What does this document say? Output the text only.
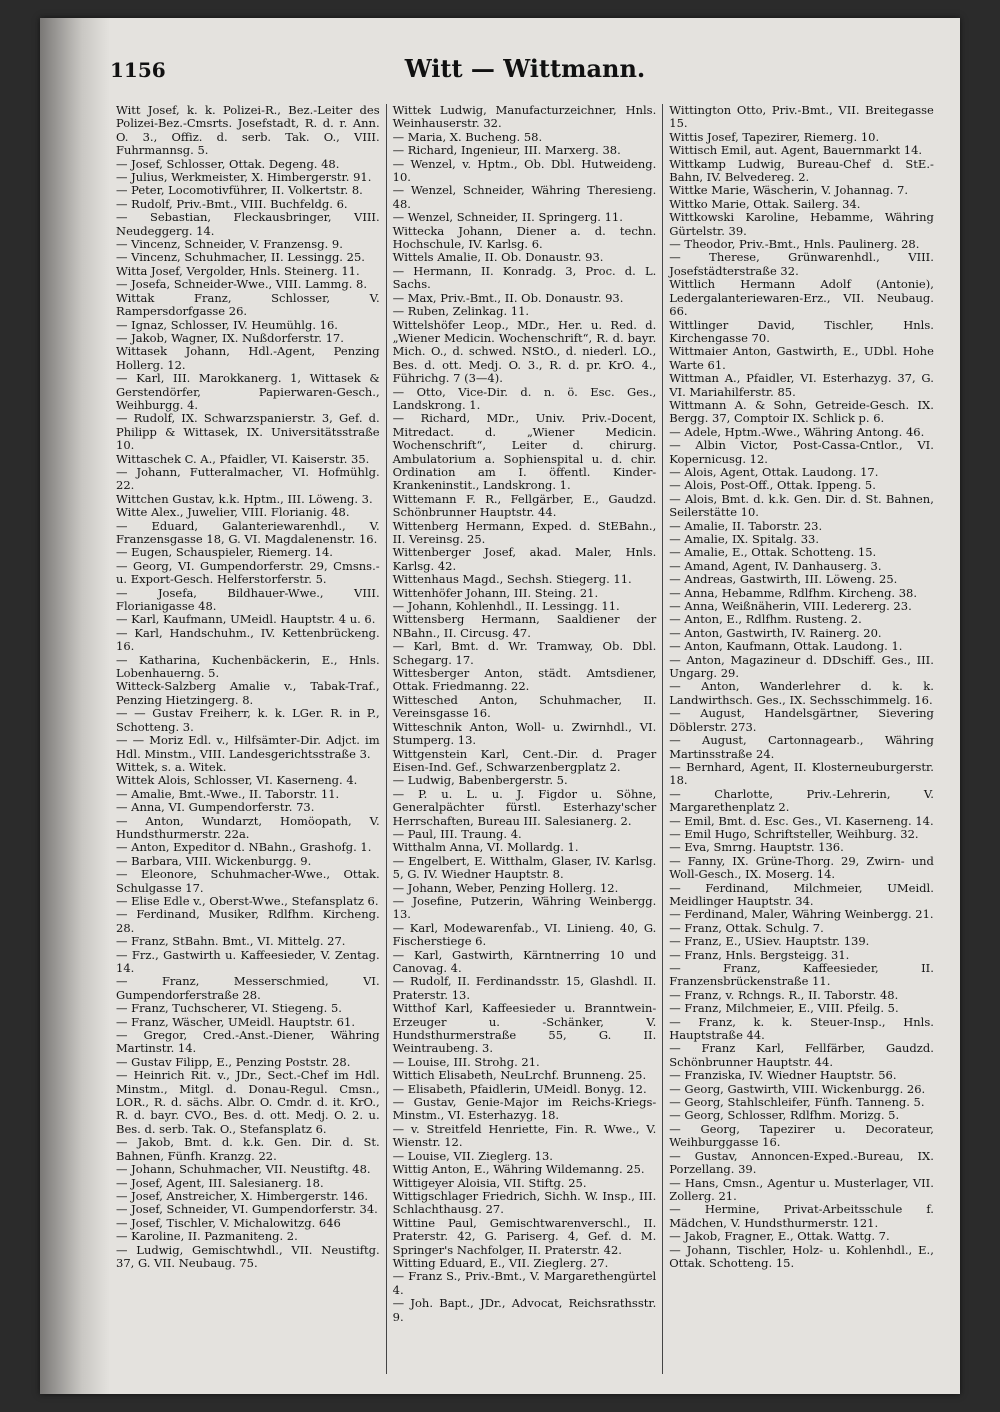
1156	Witt — Wittmann.
Witt Josef, k. k. Polizei-R., Bez.-Leiter des Polizei-Bez.-Cmsrts. Josefstadt, R. d. r. Ann. O. 3., Offiz. d. serb. Tak. O., VIII. Fuhrmannsg. 5.
— Josef, Schlosser, Ottak. Degeng. 48.
— Julius, Werkmeister, X. Himbergerstr. 91.
— Peter, Locomotivführer, II. Volkertstr. 8.
— Rudolf, Priv.-Bmt., VIII. Buchfeldg. 6.
— Sebastian, Fleckausbringer, VIII. Neudeggerg. 14.
— Vincenz, Schneider, V. Franzensg. 9.
— Vincenz, Schuhmacher, II. Lessingg. 25.
Witta Josef, Vergolder, Hnls. Steinerg. 11.
— Josefa, Schneider-Wwe., VIII. Lammg. 8.
Wittak Franz, Schlosser, V. Rampersdorfgasse 26.
— Ignaz, Schlosser, IV. Heumühlg. 16.
— Jakob, Wagner, IX. Nußdorferstr. 17.
Wittasek Johann, Hdl.-Agent, Penzing Hollerg. 12.
— Karl, III. Marokkanerg. 1, Wittasek & Gerstendörfer, Papierwaren-Gesch., Weihburgg. 4.
— Rudolf, IX. Schwarzspanierstr. 3, Gef. d. Philipp & Wittasek, IX. Universitätsstraße 10.
Wittaschek C. A., Pfaidler, VI. Kaiserstr. 35.
— Johann, Futteralmacher, VI. Hofmühlg. 22.
Wittchen Gustav, k.k. Hptm., III. Löweng. 3.
Witte Alex., Juwelier, VIII. Florianig. 48.
— Eduard, Galanteriewarenhdl., V. Franzensgasse 18, G. VI. Magdalenenstr. 16.
— Eugen, Schauspieler, Riemerg. 14.
— Georg, VI. Gumpendorferstr. 29, Cmsns.- u. Export-Gesch. Helferstorferstr. 5.
— Josefa, Bildhauer-Wwe., VIII. Florianigasse 48.
— Karl, Kaufmann, UMeidl. Hauptstr. 4 u. 6.
— Karl, Handschuhm., IV. Kettenbrückeng. 16.
— Katharina, Kuchenbäckerin, E., Hnls. Lobenhauerng. 5.
Witteck-Salzberg Amalie v., Tabak-Traf., Penzing Hietzingerg. 8.
— — Gustav Freiherr, k. k. LGer. R. in P., Schotteng. 3.
— — Moriz Edl. v., Hilfsämter-Dir. Adjct. im Hdl. Minstm., VIII. Landesgerichtsstraße 3.
Wittek, s. a. Witek.
Wittek Alois, Schlosser, VI. Kaserneng. 4.
— Amalie, Bmt.-Wwe., II. Taborstr. 11.
— Anna, VI. Gumpendorferstr. 73.
— Anton, Wundarzt, Homöopath, V. Hundsthurmerstr. 22a.
— Anton, Expeditor d. NBahn., Grashofg. 1.
— Barbara, VIII. Wickenburgg. 9.
— Eleonore, Schuhmacher-Wwe., Ottak. Schulgasse 17.
— Elise Edle v., Oberst-Wwe., Stefansplatz 6.
— Ferdinand, Musiker, Rdlfhm. Kircheng. 28.
— Franz, StBahn. Bmt., VI. Mittelg. 27.
— Frz., Gastwirth u. Kaffeesieder, V. Zentag. 14.
— Franz, Messerschmied, VI. Gumpendorferstraße 28.
— Franz, Tuchscherer, VI. Stiegeng. 5.
— Franz, Wäscher, UMeidl. Hauptstr. 61.
— Gregor, Cred.-Anst.-Diener, Währing Martinstr. 14.
— Gustav Filipp, E., Penzing Poststr. 28.
— Heinrich Rit. v., JDr., Sect.-Chef im Hdl. Minstm., Mitgl. d. Donau-Regul. Cmsn., LOR., R. d. sächs. Albr. O. Cmdr. d. it. KrO., R. d. bayr. CVO., Bes. d. ott. Medj. O. 2. u. Bes. d. serb. Tak. O., Stefansplatz 6.
— Jakob, Bmt. d. k.k. Gen. Dir. d. St. Bahnen, Fünfh. Kranzg. 22.
— Johann, Schuhmacher, VII. Neustiftg. 48.
— Josef, Agent, III. Salesianerg. 18.
— Josef, Anstreicher, X. Himbergerstr. 146.
— Josef, Schneider, VI. Gumpendorferstr. 34.
— Josef, Tischler, V. Michalowitzg. 646
— Karoline, II. Pazmaniteng. 2.
— Ludwig, Gemischtwhdl., VII. Neustiftg. 37, G. VII. Neubaug. 75.
Wittek Ludwig, Manufacturzeichner, Hnls. Weinhauserstr. 32.
— Maria, X. Bucheng. 58.
— Richard, Ingenieur, III. Marxerg. 38.
— Wenzel, v. Hptm., Ob. Dbl. Hutweideng. 10.
— Wenzel, Schneider, Währing Theresieng. 48.
— Wenzel, Schneider, II. Springerg. 11.
Wittecka Johann, Diener a. d. techn. Hochschule, IV. Karlsg. 6.
Wittels Amalie, II. Ob. Donaustr. 93.
— Hermann, II. Konradg. 3, Proc. d. L. Sachs.
— Max, Priv.-Bmt., II. Ob. Donaustr. 93.
— Ruben, Zelinkag. 11.
Wittelshöfer Leop., MDr., Her. u. Red. d. „Wiener Medicin. Wochenschrift“, R. d. bayr. Mich. O., d. schwed. NStO., d. niederl. LO., Bes. d. ott. Medj. O. 3., R. d. pr. KrO. 4., Führichg. 7 (3—4).
— Otto, Vice-Dir. d. n. ö. Esc. Ges., Landskrong. 1.
— Richard, MDr., Univ. Priv.-Docent, Mitredact. d. „Wiener Medicin. Wochenschrift“, Leiter d. chirurg. Ambulatorium a. Sophienspital u. d. chir. Ordination am I. öffentl. Kinder-Krankeninstit., Landskrong. 1.
Wittemann F. R., Fellgärber, E., Gaudzd. Schönbrunner Hauptstr. 44.
Wittenberg Hermann, Exped. d. StEBahn., II. Vereinsg. 25.
Wittenberger Josef, akad. Maler, Hnls. Karlsg. 42.
Wittenhaus Magd., Sechsh. Stiegerg. 11.
Wittenhöfer Johann, III. Steing. 21.
— Johann, Kohlenhdl., II. Lessingg. 11.
Wittensberg Hermann, Saaldiener der NBahn., II. Circusg. 47.
— Karl, Bmt. d. Wr. Tramway, Ob. Dbl. Schegarg. 17.
Wittesberger Anton, städt. Amtsdiener, Ottak. Friedmanng. 22.
Wittesched Anton, Schuhmacher, II. Vereinsgasse 16.
Witteschnik Anton, Woll- u. Zwirnhdl., VI. Stumperg. 13.
Wittgenstein Karl, Cent.-Dir. d. Prager Eisen-Ind. Gef., Schwarzenbergplatz 2.
— Ludwig, Babenbergerstr. 5.
— P. u. L. u. J. Figdor u. Söhne, Generalpächter fürstl. Esterhazy'scher Herrschaften, Bureau III. Salesianerg. 2.
— Paul, III. Traung. 4.
Witthalm Anna, VI. Mollardg. 1.
— Engelbert, E. Witthalm, Glaser, IV. Karlsg. 5, G. IV. Wiedner Hauptstr. 8.
— Johann, Weber, Penzing Hollerg. 12.
— Josefine, Putzerin, Währing Weinbergg. 13.
— Karl, Modewarenfab., VI. Linieng. 40, G. Fischerstiege 6.
— Karl, Gastwirth, Kärntnerring 10 und Canovag. 4.
— Rudolf, II. Ferdinandsstr. 15, Glashdl. II. Praterstr. 13.
Witthof Karl, Kaffeesieder u. Branntwein-Erzeuger u. -Schänker, V. Hundsthurmerstraße 55, G. II. Weintraubeng. 3.
— Louise, III. Strohg. 21.
Wittich Elisabeth, NeuLrchf. Brunneng. 25.
— Elisabeth, Pfaidlerin, UMeidl. Bonyg. 12.
— Gustav, Genie-Major im Reichs-Kriegs-Minstm., VI. Esterhazyg. 18.
— v. Streitfeld Henriette, Fin. R. Wwe., V. Wienstr. 12.
— Louise, VII. Zieglerg. 13.
Wittig Anton, E., Währing Wildemanng. 25.
Wittigeyer Aloisia, VII. Stiftg. 25.
Wittigschlager Friedrich, Sichh. W. Insp., III. Schlachthausg. 27.
Wittine Paul, Gemischtwarenverschl., II. Praterstr. 42, G. Pariserg. 4, Gef. d. M. Springer's Nachfolger, II. Praterstr. 42.
Witting Eduard, E., VII. Zieglerg. 27.
— Franz S., Priv.-Bmt., V. Margarethengürtel 4.
— Joh. Bapt., JDr., Advocat, Reichsrathsstr. 9.
Wittington Otto, Priv.-Bmt., VII. Breitegasse 15.
Wittis Josef, Tapezirer, Riemerg. 10.
Wittisch Emil, aut. Agent, Bauernmarkt 14.
Wittkamp Ludwig, Bureau-Chef d. StE.-Bahn, IV. Belvedereg. 2.
Wittke Marie, Wäscherin, V. Johannag. 7.
Wittko Marie, Ottak. Sailerg. 34.
Wittkowski Karoline, Hebamme, Währing Gürtelstr. 39.
— Theodor, Priv.-Bmt., Hnls. Paulinerg. 28.
— Therese, Grünwarenhdl., VIII. Josefstädterstraße 32.
Wittlich Hermann Adolf (Antonie), Ledergalanteriewaren-Erz., VII. Neubaug. 66.
Wittlinger David, Tischler, Hnls. Kirchengasse 70.
Wittmaier Anton, Gastwirth, E., UDbl. Hohe Warte 61.
Wittman A., Pfaidler, VI. Esterhazyg. 37, G. VI. Mariahilferstr. 85.
Wittmann A. & Sohn, Getreide-Gesch. IX. Bergg. 37, Comptoir IX. Schlick p. 6.
— Adele, Hptm.-Wwe., Währing Antong. 46.
— Albin Victor, Post-Cassa-Cntlor., VI. Kopernicusg. 12.
— Alois, Agent, Ottak. Laudong. 17.
— Alois, Post-Off., Ottak. Ippeng. 5.
— Alois, Bmt. d. k.k. Gen. Dir. d. St. Bahnen, Seilerstätte 10.
— Amalie, II. Taborstr. 23.
— Amalie, IX. Spitalg. 33.
— Amalie, E., Ottak. Schotteng. 15.
— Amand, Agent, IV. Danhauserg. 3.
— Andreas, Gastwirth, III. Löweng. 25.
— Anna, Hebamme, Rdlfhm. Kircheng. 38.
— Anna, Weißnäherin, VIII. Ledererg. 23.
— Anton, E., Rdlfhm. Rusteng. 2.
— Anton, Gastwirth, IV. Rainerg. 20.
— Anton, Kaufmann, Ottak. Laudong. 1.
— Anton, Magazineur d. DDschiff. Ges., III. Ungarg. 29.
— Anton, Wanderlehrer d. k. k. Landwirthsch. Ges., IX. Sechsschimmelg. 16.
— August, Handelsgärtner, Sievering Döblerstr. 273.
— August, Cartonnagearb., Währing Martinsstraße 24.
— Bernhard, Agent, II. Klosterneuburgerstr. 18.
— Charlotte, Priv.-Lehrerin, V. Margarethenplatz 2.
— Emil, Bmt. d. Esc. Ges., VI. Kaserneng. 14.
— Emil Hugo, Schriftsteller, Weihburg. 32.
— Eva, Smrng. Hauptstr. 136.
— Fanny, IX. Grüne-Thorg. 29, Zwirn- und Woll-Gesch., IX. Moserg. 14.
— Ferdinand, Milchmeier, UMeidl. Meidlinger Hauptstr. 34.
— Ferdinand, Maler, Währing Weinbergg. 21.
— Franz, Ottak. Schulg. 7.
— Franz, E., USiev. Hauptstr. 139.
— Franz, Hnls. Bergsteigg. 31.
— Franz, Kaffeesieder, II. Franzensbrückenstraße 11.
— Franz, v. Rchngs. R., II. Taborstr. 48.
— Franz, Milchmeier, E., VIII. Pfeilg. 5.
— Franz, k. k. Steuer-Insp., Hnls. Hauptstraße 44.
— Franz Karl, Fellfärber, Gaudzd. Schönbrunner Hauptstr. 44.
— Franziska, IV. Wiedner Hauptstr. 56.
— Georg, Gastwirth, VIII. Wickenburgg. 26.
— Georg, Stahlschleifer, Fünfh. Tanneng. 5.
— Georg, Schlosser, Rdlfhm. Morizg. 5.
— Georg, Tapezirer u. Decorateur, Weihburggasse 16.
— Gustav, Annoncen-Exped.-Bureau, IX. Porzellang. 39.
— Hans, Cmsn., Agentur u. Musterlager, VII. Zollerg. 21.
— Hermine, Privat-Arbeitsschule f. Mädchen, V. Hundsthurmerstr. 121.
— Jakob, Fragner, E., Ottak. Wattg. 7.
— Johann, Tischler, Holz- u. Kohlenhdl., E., Ottak. Schotteng. 15.
